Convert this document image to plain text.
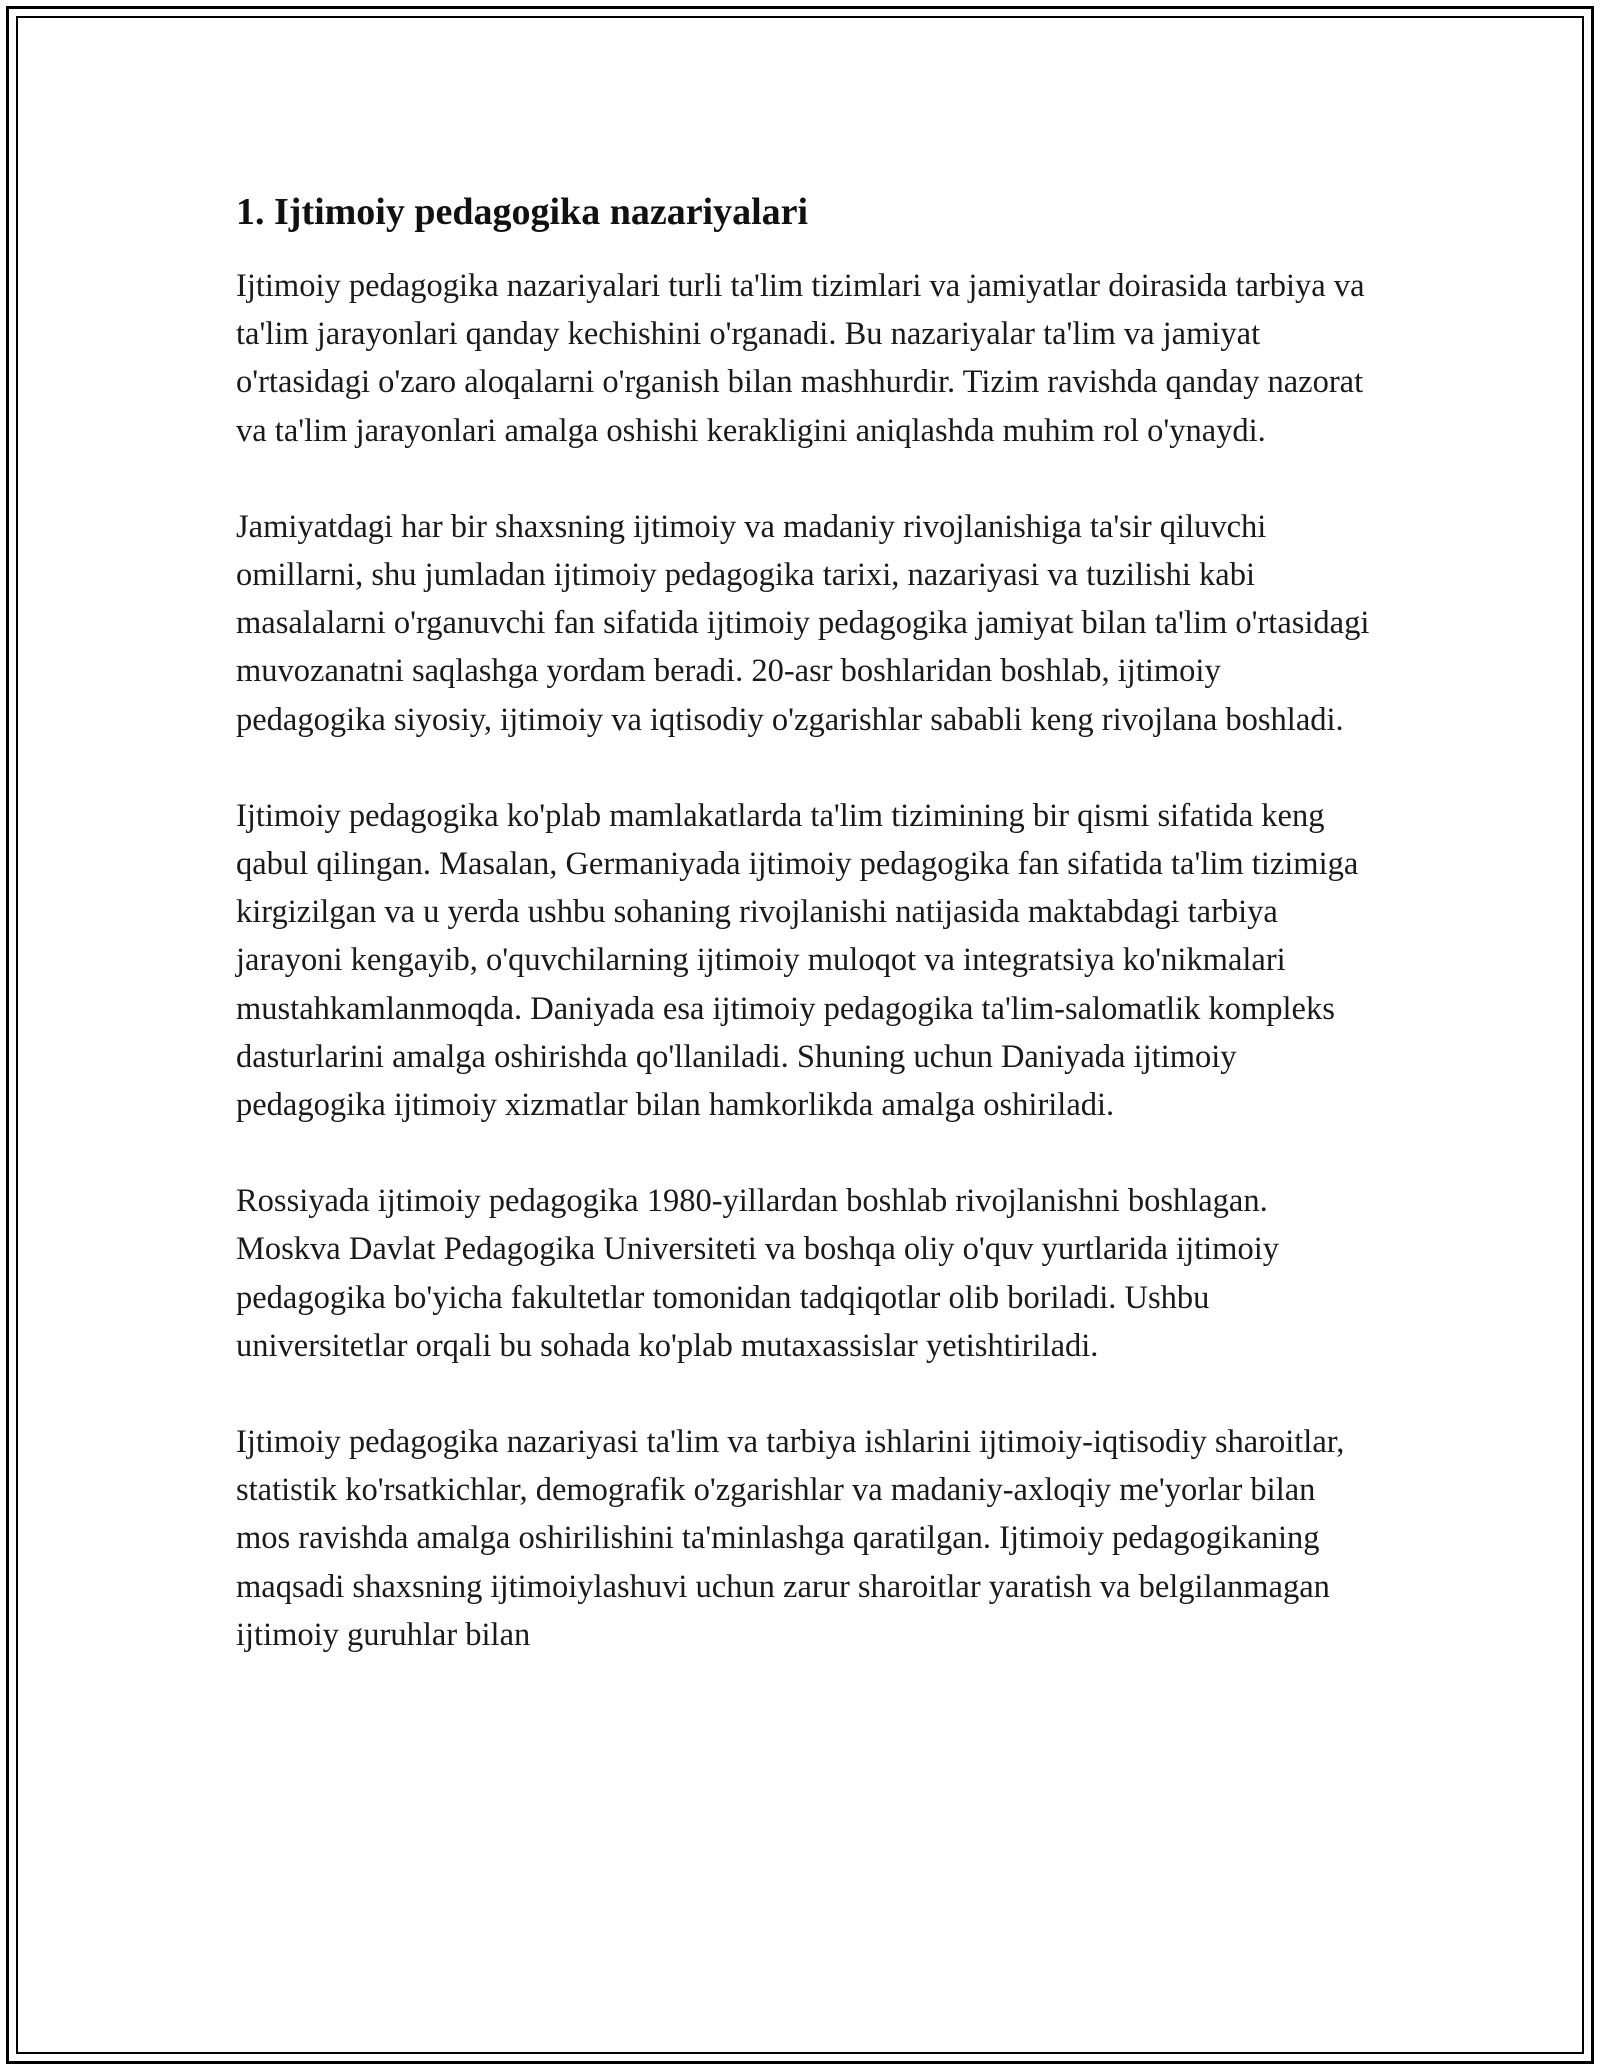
1. Ijtimoiy pedagogika nazariyalari

Ijtimoiy pedagogika nazariyalari turli ta'lim tizimlari va jamiyatlar doirasida tarbiya va ta'lim jarayonlari qanday kechishini o'rganadi. Bu nazariyalar ta'lim va jamiyat o'rtasidagi o'zaro aloqalarni o'rganish bilan mashhurdir. Tizim ravishda qanday nazorat va ta'lim jarayonlari amalga oshishi kerakligini aniqlashda muhim rol o'ynaydi.

Jamiyatdagi har bir shaxsning ijtimoiy va madaniy rivojlanishiga ta'sir qiluvchi omillarni, shu jumladan ijtimoiy pedagogika tarixi, nazariyasi va tuzilishi kabi masalalarni o'rganuvchi fan sifatida ijtimoiy pedagogika jamiyat bilan ta'lim o'rtasidagi muvozanatni saqlashga yordam beradi. 20-asr boshlaridan boshlab, ijtimoiy pedagogika siyosiy, ijtimoiy va iqtisodiy o'zgarishlar sababli keng rivojlana boshladi.

Ijtimoiy pedagogika ko'plab mamlakatlarda ta'lim tizimining bir qismi sifatida keng qabul qilingan. Masalan, Germaniyada ijtimoiy pedagogika fan sifatida ta'lim tizimiga kirgizilgan va u yerda ushbu sohaning rivojlanishi natijasida maktabdagi tarbiya jarayoni kengayib, o'quvchilarning ijtimoiy muloqot va integratsiya ko'nikmalari mustahkamlanmoqda. Daniyada esa ijtimoiy pedagogika ta'lim-salomatlik kompleks dasturlarini amalga oshirishda qo'llaniladi. Shuning uchun Daniyada ijtimoiy pedagogika ijtimoiy xizmatlar bilan hamkorlikda amalga oshiriladi.

Rossiyada ijtimoiy pedagogika 1980-yillardan boshlab rivojlanishni boshlagan. Moskva Davlat Pedagogika Universiteti va boshqa oliy o'quv yurtlarida ijtimoiy pedagogika bo'yicha fakultetlar tomonidan tadqiqotlar olib boriladi. Ushbu universitetlar orqali bu sohada ko'plab mutaxassislar yetishtiriladi.

Ijtimoiy pedagogika nazariyasi ta'lim va tarbiya ishlarini ijtimoiy-iqtisodiy sharoitlar, statistik ko'rsatkichlar, demografik o'zgarishlar va madaniy-axloqiy me'yorlar bilan mos ravishda amalga oshirilishini ta'minlashga qaratilgan. Ijtimoiy pedagogikaning maqsadi shaxsning ijtimoiylashuvi uchun zarur sharoitlar yaratish va belgilanmagan ijtimoiy guruhlar bilan
